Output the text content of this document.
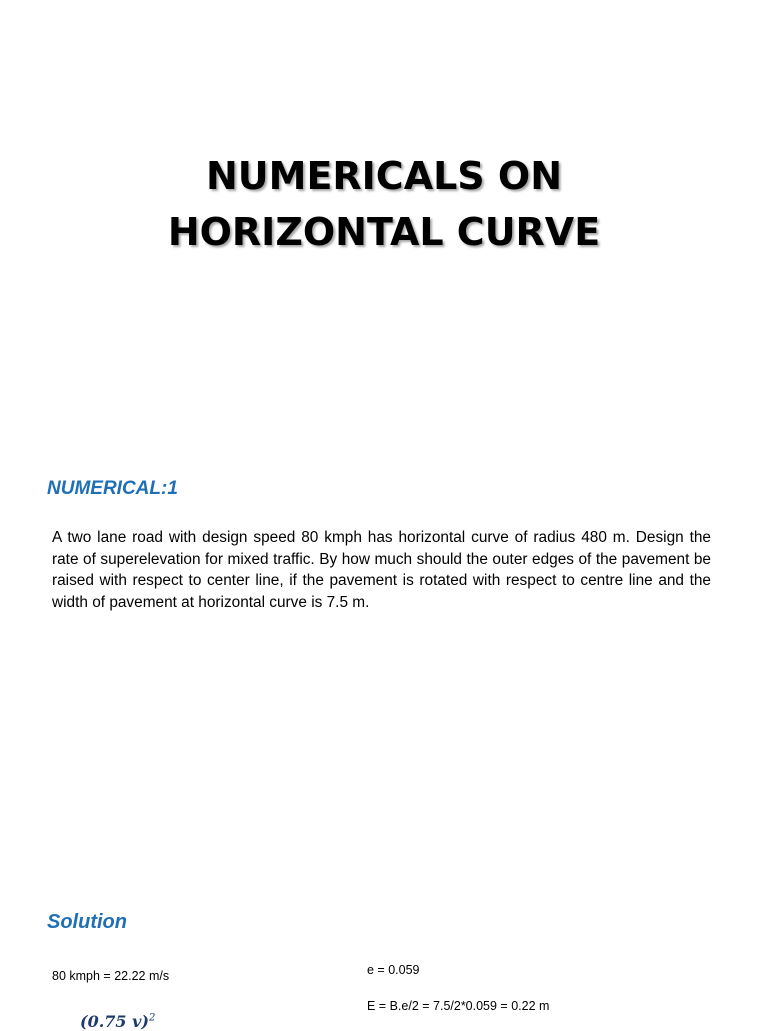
NUMERICALS ON
HORIZONTAL CURVE
NUMERICAL:1

A two lane road with design speed 80 kmph has horizontal curve of radius 480 m. Design the rate of superelevation for mixed traffic. By how much should the outer edges of the pavement be raised with respect to center line, if the pavement is rotated with respect to centre line and the width of pavement at horizontal curve is 7.5 m.

Solution
80 kmph = 22.22 m/s	e = 0.059
E = B.e/2 = 7.5/2*0.059 = 0.22 m
(0.75 v)$^2$
